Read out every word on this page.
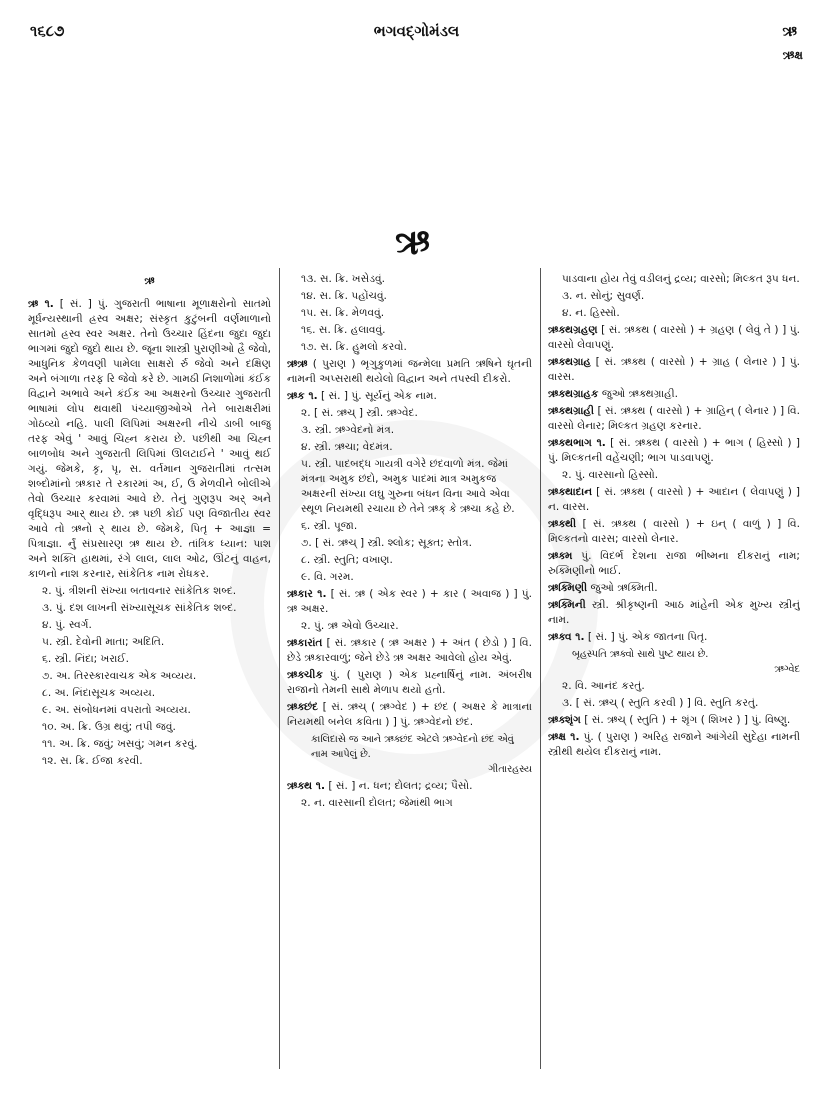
૧૬૮૭	ભગવદ્ગોમંડલ	ઋ
ઋક્ષ
ઋ
ઋ
ઋ ૧. [ સં. ] પું. ગુજરાતી ભાષાના મૂળાક્ષરોનો સાતમો મૂર્ધન્યસ્થાની હ્રસ્વ અક્ષર; સંસ્કૃત કુટુંબની વર્ણમાળાનો સાતમો હ્રસ્વ સ્વર અક્ષર. તેનો ઉચ્ચાર હિંદના જુદા જુદા ભાગમાં જુદો જુદો થાય છે. જૂના શાસ્ત્રી પુરાણીઓ હ્રૈ જેવો, આધુનિક કેળવણી પામેલા સાક્ષરો ર્રુ જેવો અને દક્ષિણ અને બંગાળા તરફ રિ જેવો કરે છે. ગામઠી નિશાળોમાં કંઈક વિદ્વાને અભાવે અને કંઈક આ અક્ષરનો ઉચ્ચાર ગુજરાતી ભાષામાં લોપ થવાથી પંચ્યાજીઓએ તેને બારાક્ષરીમાં ગોઠવ્યો નહિ. પાલી લિપિમાં અક્ષરની નીચે ડાબી બાજુ તરફ એવું ' આવું ચિહ્ન કરાય છે. પછીથી આ ચિહ્ન બાળબોધ અને ગુજરાતી લિપિમાં ઊલટાઈને ' આવું થઈ ગયું. જેમકે, કૃ, પૃ, સ. વર્તમાન ગુજરાતીમાં તત્સમ શબ્દોમાંનો ઋકાર તે રકારમાં અ, ઈ, ઉ મેળવીને બોલીએ તેવો ઉચ્ચાર કરવામાં આવે છે. તેનું ગુણરૂપ અર્ અને વૃદ્ધિરૂપ આર્ થાય છે. ઋ પછી કોઈ પણ વિજાતીય સ્વર આવે તો ઋનો ર્ થાય છે. જેમકે, પિતૃ + આજ્ઞા = પિત્રાજ્ઞા. ર્નું સંપ્રસારણ ઋ થાય છે. તાંત્રિક ધ્યાન: પાશ અને શક્તિ હાથમાં, રંગે લાલ, લાલ ઓઢ, ઊંટનું વાહન, કાળનો નાશ કરનાર, સાંકેતિક નામ રોધકર.
૨. પું. ત્રીશની સંખ્યા બતાવનાર સાંકેતિક શબ્દ.
૩. પું. દશ લાખની સંખ્યાસૂચક સાંકેતિક શબ્દ.
૪. પું. સ્વર્ગ.
૫. સ્ત્રી. દેવોની માતા; અદિતિ.
૬. સ્ત્રી. નિંદા; ખરાઈ.
૭. અ. તિરસ્કારવાચક એક અવ્યય.
૮. અ. નિંદાસૂચક અવ્યય.
૯. અ. સંબોધનમાં વપરાતો અવ્યય.
૧૦. અ. ક્રિ. ઉગ્ર થવું; તપી જવું.
૧૧. અ. ક્રિ. જવું; ખસવું; ગમન કરવું.
૧૨. સ. ક્રિ. ઈજા કરવી.
૧૩. સ. ક્રિ. ખસેડવું.
૧૪. સ. ક્રિ. પહોંચવું.
૧૫. સ. ક્રિ. મેળવવું.
૧૬. સ. ક્રિ. હલાવવું.
૧૭. સ. ક્રિ. હુમલો કરવો.
ઋઋ ( પુરાણ ) ભૃગુકુળમાં જન્મેલા પ્રમતિ ઋષિને ઘૃતની નામની અપ્સરાથી થયેલો વિદ્વાન અને તપસ્વી દીકરો.
ઋક ૧. [ સં. ] પું. સૂર્યનું એક નામ.
૨. [ સં. ઋચ્ ] સ્ત્રી. ઋગ્વેદ.
૩. સ્ત્રી. ઋગ્વેદનો મંત્ર.
૪. સ્ત્રી. ઋચા; વેદમંત્ર.
૫. સ્ત્રી. પાદબદ્ધ ગાયત્રી વગેરે છંદવાળો મંત્ર. જેમાં મંત્રના અમુક છંદો, અમુક પાદમાં માત્ર અમુકજ અક્ષરની સંખ્યા લઘુ ગુરુના બંધન વિના આવે એવા સ્થૂળ નિયમથી રચાયા છે તેને ઋક્ કે ઋચા કહે છે.
૬. સ્ત્રી. પૂજા.
૭. [ સં. ઋચ્ ] સ્ત્રી. શ્લોક; સૂક્ત; સ્તોત્ર.
૮. સ્ત્રી. સ્તુતિ; વખાણ.
૯. વિ. ગરમ.
ઋકાર ૧. [ સં. ઋ ( એક સ્વર ) + કાર ( અવાજ ) ] પું. ઋ અક્ષર.
૨. પું. ઋ એવો ઉચ્ચાર.
ઋકારાંત [ સં. ઋકાર ( ઋ અક્ષર ) + અંત ( છેડો ) ] વિ. છેડે ઋકારવાળું; જેને છેડે ઋ અક્ષર આવેલો હોય એવું.
ઋક્ચીક પું. ( પુરાણ ) એક પ્રહ્નાર્ષિનું નામ. અંબરીષ રાજાનો તેમની સાથે મેળાપ થયો હતો.
ઋક્છંદ [ સં. ઋચ્ ( ઋગ્વેદ ) + છંદ ( અક્ષર કે માત્રાના નિયમથી બનેલ કવિતા ) ] પું. ઋગ્વેદનો છંદ.
કાલિદાસે જ આને ઋક્છંદ એટલે ઋગ્વેદનો છંદ એવું નામ આપેલું છે.
ગીતારહસ્ય
ઋક્થ ૧. [ સં. ] ન. ધન; દોલત; દ્રવ્ય; પૈસો.
૨. ન. વારસાની દોલત; જેમાંથી ભાગ
પાડવાના હોય તેવું વડીલનું દ્રવ્ય; વારસો; મિલ્કત રૂપ ધન.
૩. ન. સોનું; સુવર્ણ.
૪. ન. હિસ્સો.
ઋક્થગ્રહણ [ સં. ઋક્થ ( વારસો ) + ગ્રહણ ( લેવું તે ) ] પું. વારસો લેવાપણું.
ઋક્થગ્રાહ [ સં. ઋક્થ ( વારસો ) + ગ્રાહ ( લેનાર ) ] પું. વારસ.
ઋક્થગ્રાહક જુઓ ઋક્થગ્રાહી.
ઋક્થગ્રાહી [ સં. ઋક્થ ( વારસો ) + ગ્રાહિન્ ( લેનાર ) ] વિ. વારસો લેનાર; મિલ્કત ગ્રહણ કરનાર.
ઋક્થભાગ ૧. [ સં. ઋક્થ ( વારસો ) + ભાગ ( હિસ્સો ) ] પું. મિલ્કતની વહેંચણી; ભાગ પાડવાપણું.
૨. પું. વારસાનો હિસ્સો.
ઋક્થાદાન [ સં. ઋક્થ ( વારસો ) + આદાન ( લેવાપણું ) ] ન. વારસ.
ઋક્થી [ સં. ઋક્થ ( વારસો ) + ઇન્ ( વાળું ) ] વિ. મિલ્કતનો વારસ; વારસો લેનાર.
ઋક્મ પું. વિદર્ભ દેશના રાજા ભીષ્મના દીકરાનું નામ; રુક્મિણીનો ભાઈ.
ઋક્મિણી જુઓ ઋક્મિતી.
ઋક્મિની સ્ત્રી. શ્રીકૃષ્ણની આઠ માંહેની એક મુખ્ય સ્ત્રીનું નામ.
ઋક્વ ૧. [ સં. ] પું. એક જાતના પિતૃ.
બૃહસ્પતિ ઋક્વો સાથે પુષ્ટ થાય છે.
ઋગ્વેદ
૨. વિ. આનંદ કરતું.
૩. [ સં. ઋચ્ ( સ્તુતિ કરવી ) ] વિ. સ્તુતિ કરતું.
ઋક્શૃંગ [ સં. ઋચ્ ( સ્તુતિ ) + શૃંગ ( શિખર ) ] પું. વિષ્ણુ.
ઋક્ષ ૧. પું. ( પુરાણ ) અરિહ રાજાને આંગેયી સુદેહા નામની સ્ત્રીથી થયેલ દીકરાનું નામ.
